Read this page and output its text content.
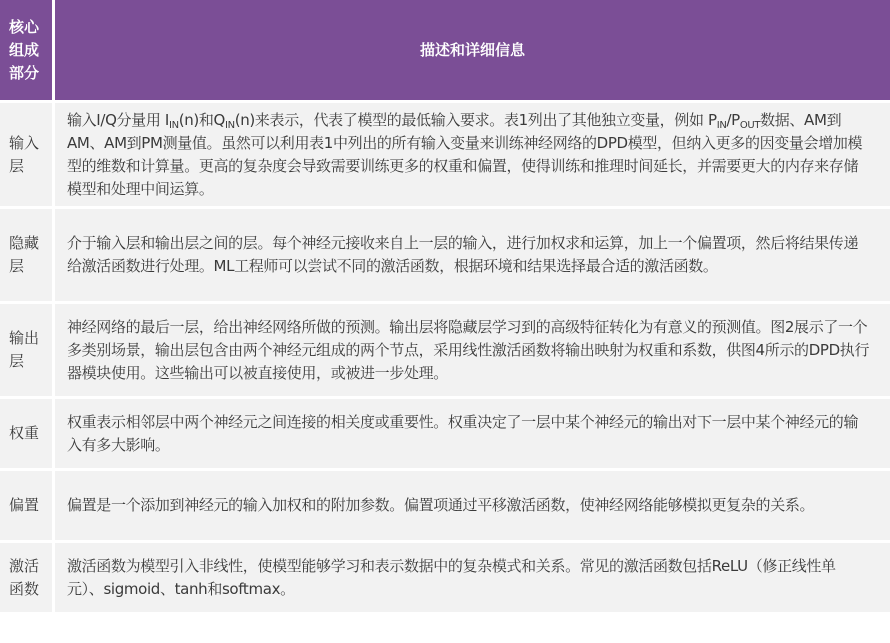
核心组成部分	描述和详细信息

输入层	输入I/Q分量用 $I_{IN}(n)$和$Q_{IN}(n)$来表示，代表了模型的最低输入要求。表1列出了其他独立变量，例如 $P_{IN}/P_{OUT}$数据、AM到AM、AM到PM测量值。虽然可以利用表1中列出的所有输入变量来训练神经网络的DPD模型，但纳入更多的因变量会增加模型的维数和计算量。更高的复杂度会导致需要训练更多的权重和偏置，使得训练和推理时间延长，并需要更大的内存来存储模型和处理中间运算。

隐藏层	介于输入层和输出层之间的层。每个神经元接收来自上一层的输入，进行加权求和运算，加上一个偏置项，然后将结果传递给激活函数进行处理。ML工程师可以尝试不同的激活函数，根据环境和结果选择最合适的激活函数。

输出层	神经网络的最后一层，给出神经网络所做的预测。输出层将隐藏层学习到的高级特征转化为有意义的预测值。图2展示了一个多类别场景，输出层包含由两个神经元组成的两个节点，采用线性激活函数将输出映射为权重和系数，供图4所示的DPD执行器模块使用。这些输出可以被直接使用，或被进一步处理。

权重	权重表示相邻层中两个神经元之间连接的相关度或重要性。权重决定了一层中某个神经元的输出对下一层中某个神经元的输入有多大影响。

偏置	偏置是一个添加到神经元的输入加权和的附加参数。偏置项通过平移激活函数，使神经网络能够模拟更复杂的关系。

激活函数	激活函数为模型引入非线性，使模型能够学习和表示数据中的复杂模式和关系。常见的激活函数包括ReLU（修正线性单元）、sigmoid、tanh和softmax。
